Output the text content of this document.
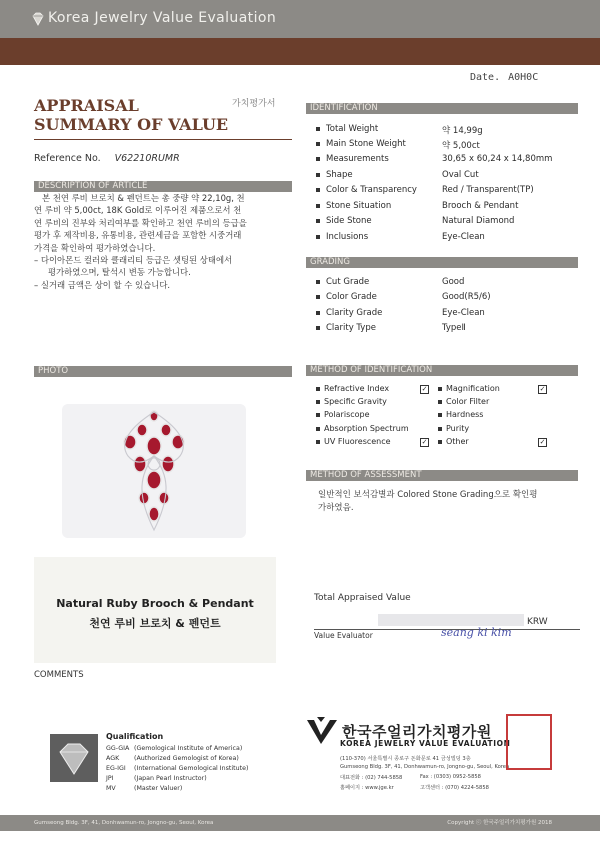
Korea Jewelry Value Evaluation
Date. A0H0C
APPRAISAL
SUMMARY OF VALUE
가치평가서
Reference No. V62210RUMR
DESCRIPTION OF ARTICLE

본 천연 루비 브로치 & 펜던트는 총 중량 약 22,10g, 천

연 루비 약 5,00ct, 18K Gold로 이루어진 제품으로서 천

연 루비의 진부와 처리여부를 확인하고 천연 루비의 등급을

평가 후 제작비용, 유통비용, 관련세금을 포함한 시중거래

가격을 확인하여 평가하였습니다.

– 다이아몬드 컬러와 클래리티 등급은 셋팅된 상태에서

평가하였으며, 탈석시 변동 가능합니다.

– 실거래 금액은 상이 할 수 있습니다.

PHOTO
Natural Ruby Brooch & Pendant
천연 루비 브로치 & 펜던트
COMMENTS
Qualification
GG-GIA (Gemological Institute of America)
AGK (Authorized Gemologist of Korea)
EG-IGI (International Gemological Institute)
JPI	(Japan Pearl Instructor)
MV	(Master Valuer)
IDENTIFICATION
Total Weight	약 14,99g
Main Stone Weight	약 5,00ct
Measurements	30,65 x 60,24 x 14,80mm
Shape	Oval Cut
Color & Transparency	Red / Transparent(TP)
Stone Situation	Brooch & Pendant
Side Stone	Natural Diamond
Inclusions	Eye-Clean
GRADING
Cut Grade	Good
Color Grade	Good(R5/6)
Clarity Grade	Eye-Clean
Clarity Type	TypeⅡ
METHOD OF IDENTIFICATION
Refractive Index	✓ Magnification	✓
Specific Gravity	Color Filter
Polariscope	Hardness
Absorption Spectrum	Purity
UV Fluorescence	✓ Other	✓
METHOD OF ASSESSMENT
일반적인 보석감별과 Colored Stone Grading으로 확인평
가하였음.
Total Appraised Value
KRW
Value Evaluator	seang ki kim
한국주얼리가치평가원
KOREA JEWELRY VALUE EVALUATION
(110-370) 서울특별시 종로구 돈화문로 41 금성빌딩 3층
Gumseong Bldg. 3F, 41, Donhwamun-ro, Jongno-gu, Seoul, Korea
대표전화 : (02) 744-5858	Fax : (0303) 0952-5858
홈페이지 : www.jge.kr	고객센터 : (070) 4224-5858
Gumseong Bldg. 3F, 41, Donhwamun-ro, Jongno-gu, Seoul, Korea	Copyright ⓒ 한국주얼리가치평가원 2018
